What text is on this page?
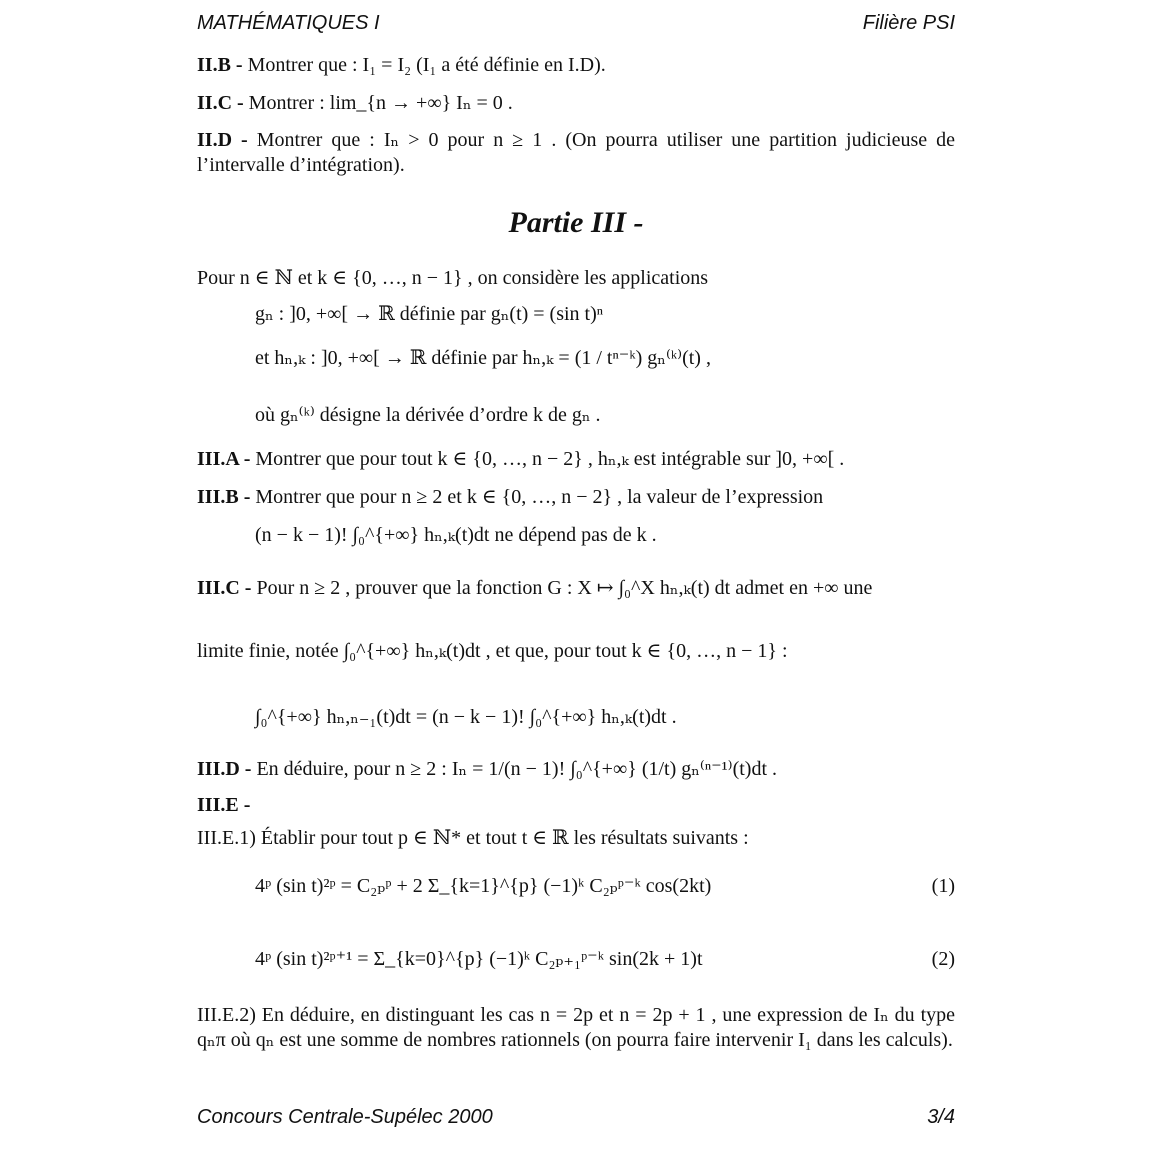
MATHÉMATIQUES I	Filière PSI
II.B - Montrer que : I₁ = I₂ (I₁ a été définie en I.D).
II.C - Montrer : lim_{n → +∞} Iₙ = 0 .
II.D - Montrer que : Iₙ > 0 pour n ≥ 1 . (On pourra utiliser une partition judicieuse de l’intervalle d’intégration).
Partie III -
Pour n ∈ ℕ et k ∈ {0, …, n − 1} , on considère les applications
gₙ : ]0, +∞[ → ℝ définie par gₙ(t) = (sin t)ⁿ
et hₙ,ₖ : ]0, +∞[ → ℝ définie par hₙ,ₖ = (1 / tⁿ⁻ᵏ) gₙ⁽ᵏ⁾(t) ,
où gₙ⁽ᵏ⁾ désigne la dérivée d’ordre k de gₙ .
III.A - Montrer que pour tout k ∈ {0, …, n − 2} , hₙ,ₖ est intégrable sur ]0, +∞[ .
III.B - Montrer que pour n ≥ 2 et k ∈ {0, …, n − 2} , la valeur de l’expression
(n − k − 1)! ∫₀^{+∞} hₙ,ₖ(t)dt ne dépend pas de k .
III.C - Pour n ≥ 2 , prouver que la fonction G : X ↦ ∫₀^X hₙ,ₖ(t) dt admet en +∞ une
limite finie, notée ∫₀^{+∞} hₙ,ₖ(t)dt , et que, pour tout k ∈ {0, …, n − 1} :
∫₀^{+∞} hₙ,ₙ₋₁(t)dt = (n − k − 1)! ∫₀^{+∞} hₙ,ₖ(t)dt .
III.D - En déduire, pour n ≥ 2 : Iₙ = 1/(n − 1)! ∫₀^{+∞} (1/t) gₙ⁽ⁿ⁻¹⁾(t)dt .
III.E -
III.E.1) Établir pour tout p ∈ ℕ* et tout t ∈ ℝ les résultats suivants :
4ᵖ (sin t)²ᵖ = C₂ₚᵖ + 2 Σ_{k=1}^{p} (−1)ᵏ C₂ₚᵖ⁻ᵏ cos(2kt)	(1)
4ᵖ (sin t)²ᵖ⁺¹ = Σ_{k=0}^{p} (−1)ᵏ C₂ₚ₊₁ᵖ⁻ᵏ sin(2k + 1)t	(2)
III.E.2) En déduire, en distinguant les cas n = 2p et n = 2p + 1 , une expression de Iₙ du type qₙπ où qₙ est une somme de nombres rationnels (on pourra faire intervenir I₁ dans les calculs).
Concours Centrale-Supélec 2000	3/4
